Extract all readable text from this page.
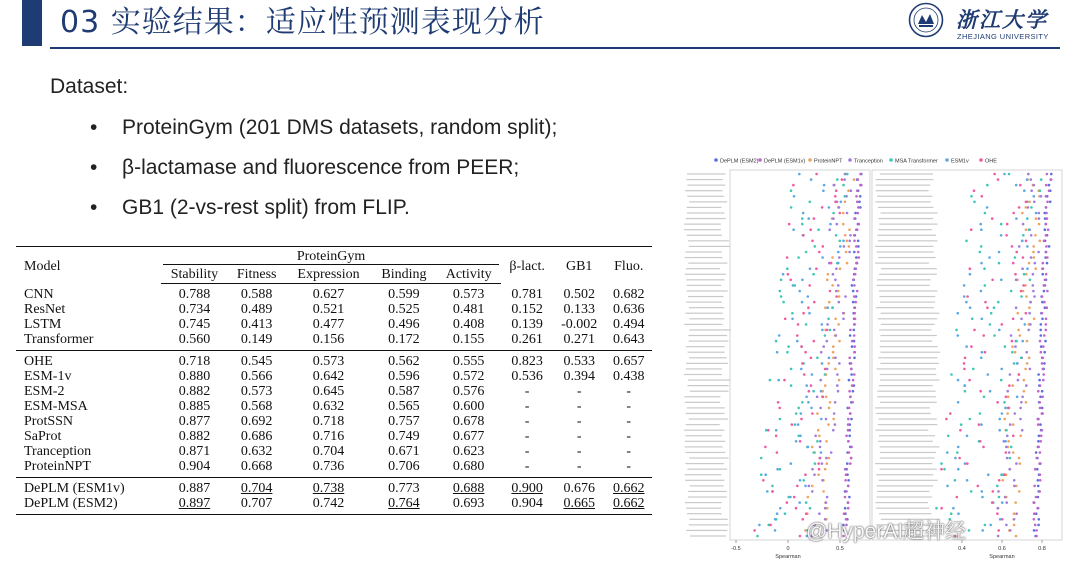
03 实验结果：适应性预测表现分析	浙江大学
ZHEJIANG UNIVERSITY
Dataset:
• ProteinGym (201 DMS datasets, random split);
• β-lactamase and fluorescence from PEER;
• GB1 (2-vs-rest split) from FLIP.
Model	ProteinGym					β-lact.	GB1	Fluo.
	Stability	Fitness	Expression	Binding	Activity			
CNN	0.788	0.588	0.627	0.599	0.573	0.781	0.502	0.682
ResNet	0.734	0.489	0.521	0.525	0.481	0.152	0.133	0.636
LSTM	0.745	0.413	0.477	0.496	0.408	0.139	-0.002	0.494
Transformer	0.560	0.149	0.156	0.172	0.155	0.261	0.271	0.643
OHE	0.718	0.545	0.573	0.562	0.555	0.823	0.533	0.657
ESM-1v	0.880	0.566	0.642	0.596	0.572	0.536	0.394	0.438
ESM-2	0.882	0.573	0.645	0.587	0.576	-	-	-
ESM-MSA	0.885	0.568	0.632	0.565	0.600	-	-	-
ProtSSN	0.877	0.692	0.718	0.757	0.678	-	-	-
SaProt	0.882	0.686	0.716	0.749	0.677	-	-	-
Tranception	0.871	0.632	0.704	0.671	0.623	-	-	-
ProteinNPT	0.904	0.668	0.736	0.706	0.680	-	-	-
DePLM (ESM1v)	0.887	0.704	0.738	0.773	0.688	0.900	0.676	0.662
DePLM (ESM2)	0.897	0.707	0.742	0.764	0.693	0.904	0.665	0.662
DePLM (ESM2) DePLM (ESM1v) ProteinNPT Tranception MSA Transformer ESM1v	OHE
-0.5	0	0.5
Spearman
0.4	0.6	0.8
Spearman
@HyperAI超神经
